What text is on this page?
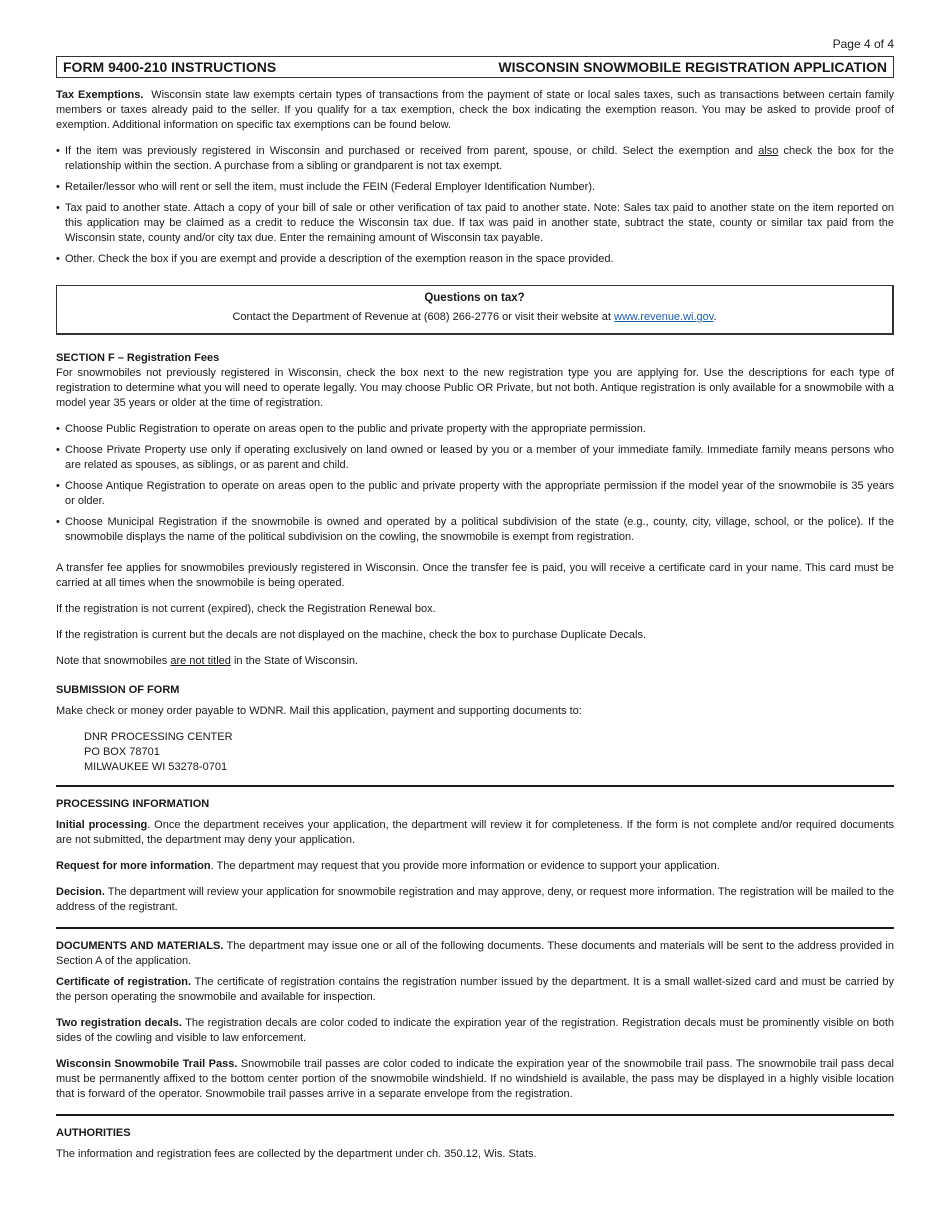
Page 4 of 4
FORM 9400-210 INSTRUCTIONS	WISCONSIN SNOWMOBILE REGISTRATION APPLICATION

Tax Exemptions. Wisconsin state law exempts certain types of transactions from the payment of state or local sales taxes, such as transactions between certain family members or taxes already paid to the seller. If you qualify for a tax exemption, check the box indicating the exemption reason. You may be asked to provide proof of exemption. Additional information on specific tax exemptions can be found below.

• If the item was previously registered in Wisconsin and purchased or received from parent, spouse, or child. Select the exemption and also check the box for the relationship within the section. A purchase from a sibling or grandparent is not tax exempt.
• Retailer/lessor who will rent or sell the item, must include the FEIN (Federal Employer Identification Number).
• Tax paid to another state. Attach a copy of your bill of sale or other verification of tax paid to another state. Note: Sales tax paid to another state on the item reported on this application may be claimed as a credit to reduce the Wisconsin tax due. If tax was paid in another state, subtract the state, county or similar tax paid from the Wisconsin state, county and/or city tax due. Enter the remaining amount of Wisconsin tax payable.
• Other. Check the box if you are exempt and provide a description of the exemption reason in the space provided.
Questions on tax?
Contact the Department of Revenue at (608) 266-2776 or visit their website at www.revenue.wi.gov.
SECTION F – Registration Fees

For snowmobiles not previously registered in Wisconsin, check the box next to the new registration type you are applying for. Use the descriptions for each type of registration to determine what you will need to operate legally. You may choose Public OR Private, but not both. Antique registration is only available for a snowmobile with a model year 35 years or older at the time of registration.

• Choose Public Registration to operate on areas open to the public and private property with the appropriate permission.
• Choose Private Property use only if operating exclusively on land owned or leased by you or a member of your immediate family. Immediate family means persons who are related as spouses, as siblings, or as parent and child.
• Choose Antique Registration to operate on areas open to the public and private property with the appropriate permission if the model year of the snowmobile is 35 years or older.
• Choose Municipal Registration if the snowmobile is owned and operated by a political subdivision of the state (e.g., county, city, village, school, or the police). If the snowmobile displays the name of the political subdivision on the cowling, the snowmobile is exempt from registration.

A transfer fee applies for snowmobiles previously registered in Wisconsin. Once the transfer fee is paid, you will receive a certificate card in your name. This card must be carried at all times when the snowmobile is being operated.

If the registration is not current (expired), check the Registration Renewal box.

If the registration is current but the decals are not displayed on the machine, check the box to purchase Duplicate Decals.

Note that snowmobiles are not titled in the State of Wisconsin.

SUBMISSION OF FORM

Make check or money order payable to WDNR. Mail this application, payment and supporting documents to:

DNR PROCESSING CENTER
PO BOX 78701
MILWAUKEE WI 53278-0701
PROCESSING INFORMATION

Initial processing. Once the department receives your application, the department will review it for completeness. If the form is not complete and/or required documents are not submitted, the department may deny your application.

Request for more information. The department may request that you provide more information or evidence to support your application.

Decision. The department will review your application for snowmobile registration and may approve, deny, or request more information. The registration will be mailed to the address of the registrant.

DOCUMENTS AND MATERIALS. The department may issue one or all of the following documents. These documents and materials will be sent to the address provided in Section A of the application.

Certificate of registration. The certificate of registration contains the registration number issued by the department. It is a small wallet-sized card and must be carried by the person operating the snowmobile and available for inspection.

Two registration decals. The registration decals are color coded to indicate the expiration year of the registration. Registration decals must be prominently visible on both sides of the cowling and visible to law enforcement.

Wisconsin Snowmobile Trail Pass. Snowmobile trail passes are color coded to indicate the expiration year of the snowmobile trail pass. The snowmobile trail pass decal must be permanently affixed to the bottom center portion of the snowmobile windshield. If no windshield is available, the pass may be displayed in a highly visible location that is forward of the operator. Snowmobile trail passes arrive in a separate envelope from the registration.

AUTHORITIES

The information and registration fees are collected by the department under ch. 350.12, Wis. Stats.
